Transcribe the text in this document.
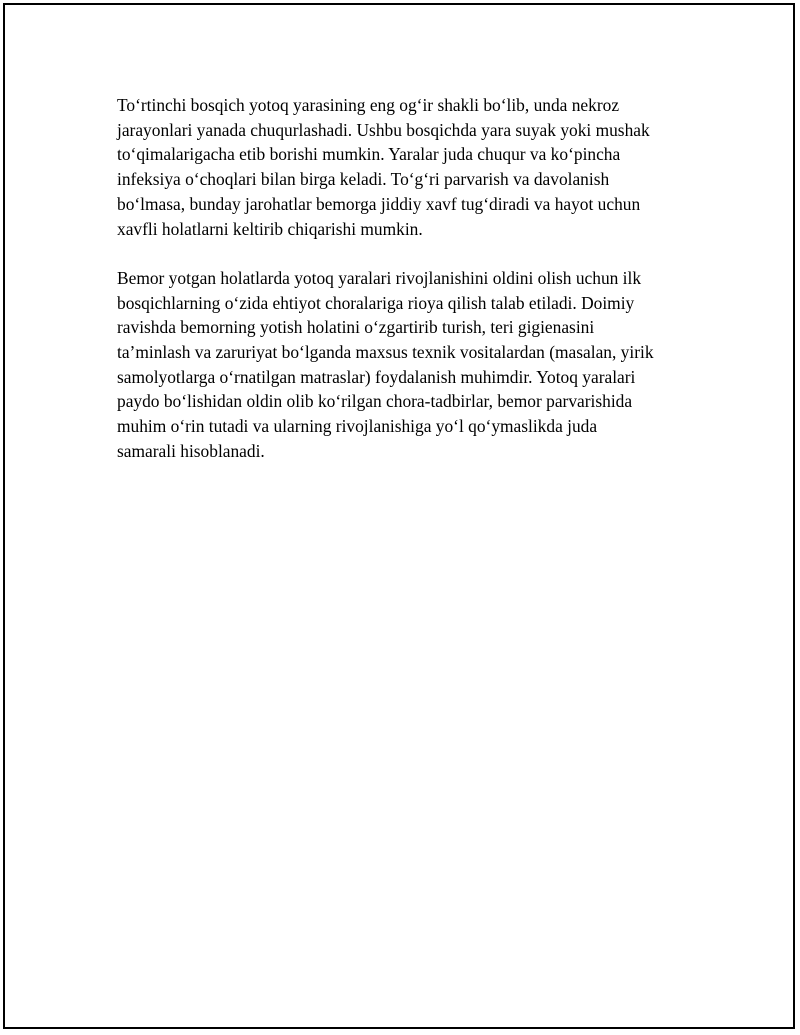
To‘rtinchi bosqich yotoq yarasining eng og‘ir shakli bo‘lib, unda nekroz
jarayonlari yanada chuqurlashadi. Ushbu bosqichda yara suyak yoki mushak
to‘qimalarigacha etib borishi mumkin. Yaralar juda chuqur va ko‘pincha
infeksiya o‘choqlari bilan birga keladi. To‘g‘ri parvarish va davolanish
bo‘lmasa, bunday jarohatlar bemorga jiddiy xavf tug‘diradi va hayot uchun
xavfli holatlarni keltirib chiqarishi mumkin.

Bemor yotgan holatlarda yotoq yaralari rivojlanishini oldini olish uchun ilk
bosqichlarning o‘zida ehtiyot choralariga rioya qilish talab etiladi. Doimiy
ravishda bemorning yotish holatini o‘zgartirib turish, teri gigienasini
ta’minlash va zaruriyat bo‘lganda maxsus texnik vositalardan (masalan, yirik
samolyotlarga o‘rnatilgan matraslar) foydalanish muhimdir. Yotoq yaralari
paydo bo‘lishidan oldin olib ko‘rilgan chora-tadbirlar, bemor parvarishida
muhim o‘rin tutadi va ularning rivojlanishiga yo‘l qo‘ymaslikda juda
samarali hisoblanadi.
